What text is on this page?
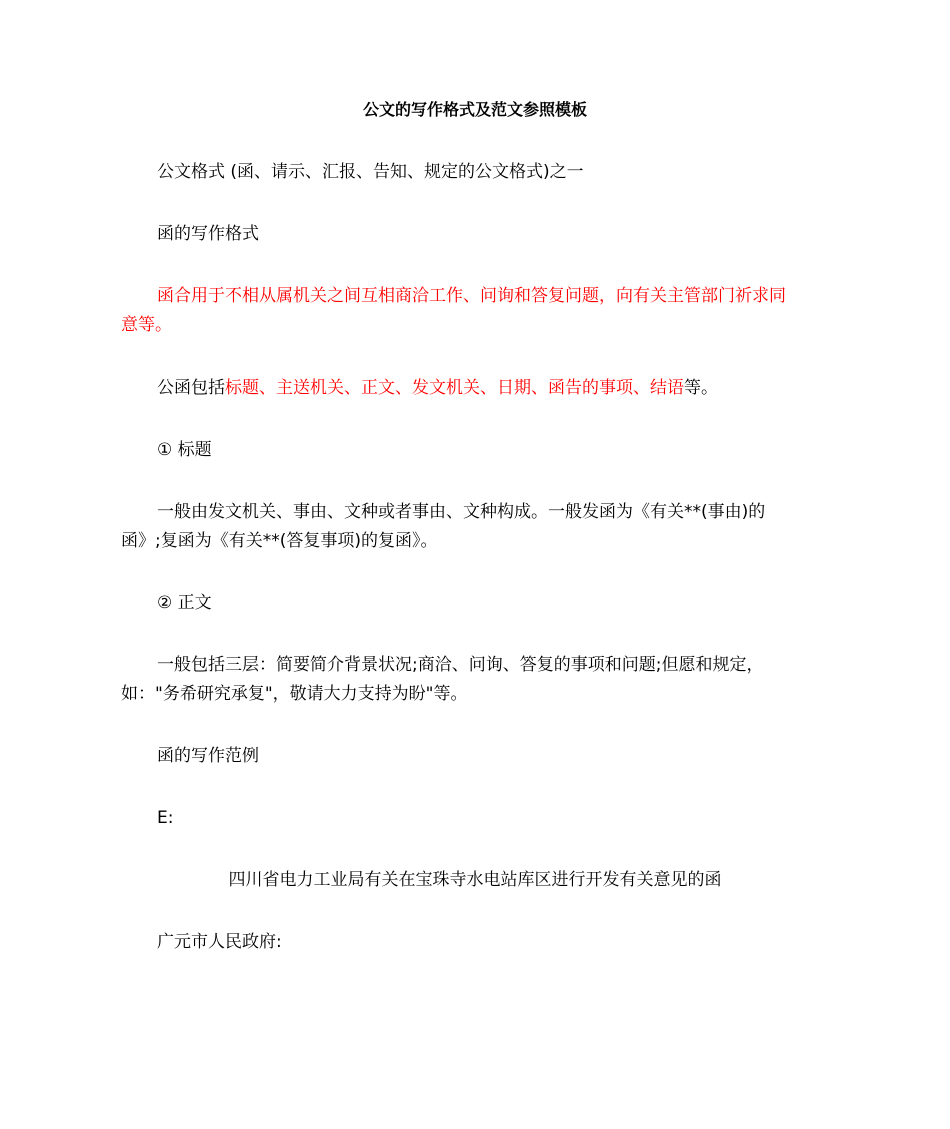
公文的写作格式及范文参照模板
公文格式 (函、请示、汇报、告知、规定的公文格式)之一
函的写作格式
函合用于不相从属机关之间互相商洽工作、问询和答复问题，向有关主管部门祈求同
意等。
公函包括标题、主送机关、正文、发文机关、日期、函告的事项、结语等。
① 标题
一般由发文机关、事由、文种或者事由、文种构成。一般发函为《有关**(事由)的
函》;复函为《有关**(答复事项)的复函》。
② 正文
一般包括三层：简要简介背景状况;商洽、问询、答复的事项和问题;但愿和规定，
如："务希研究承复"，敬请大力支持为盼"等。
函的写作范例
E:
四川省电力工业局有关在宝珠寺水电站库区进行开发有关意见的函
广元市人民政府:
